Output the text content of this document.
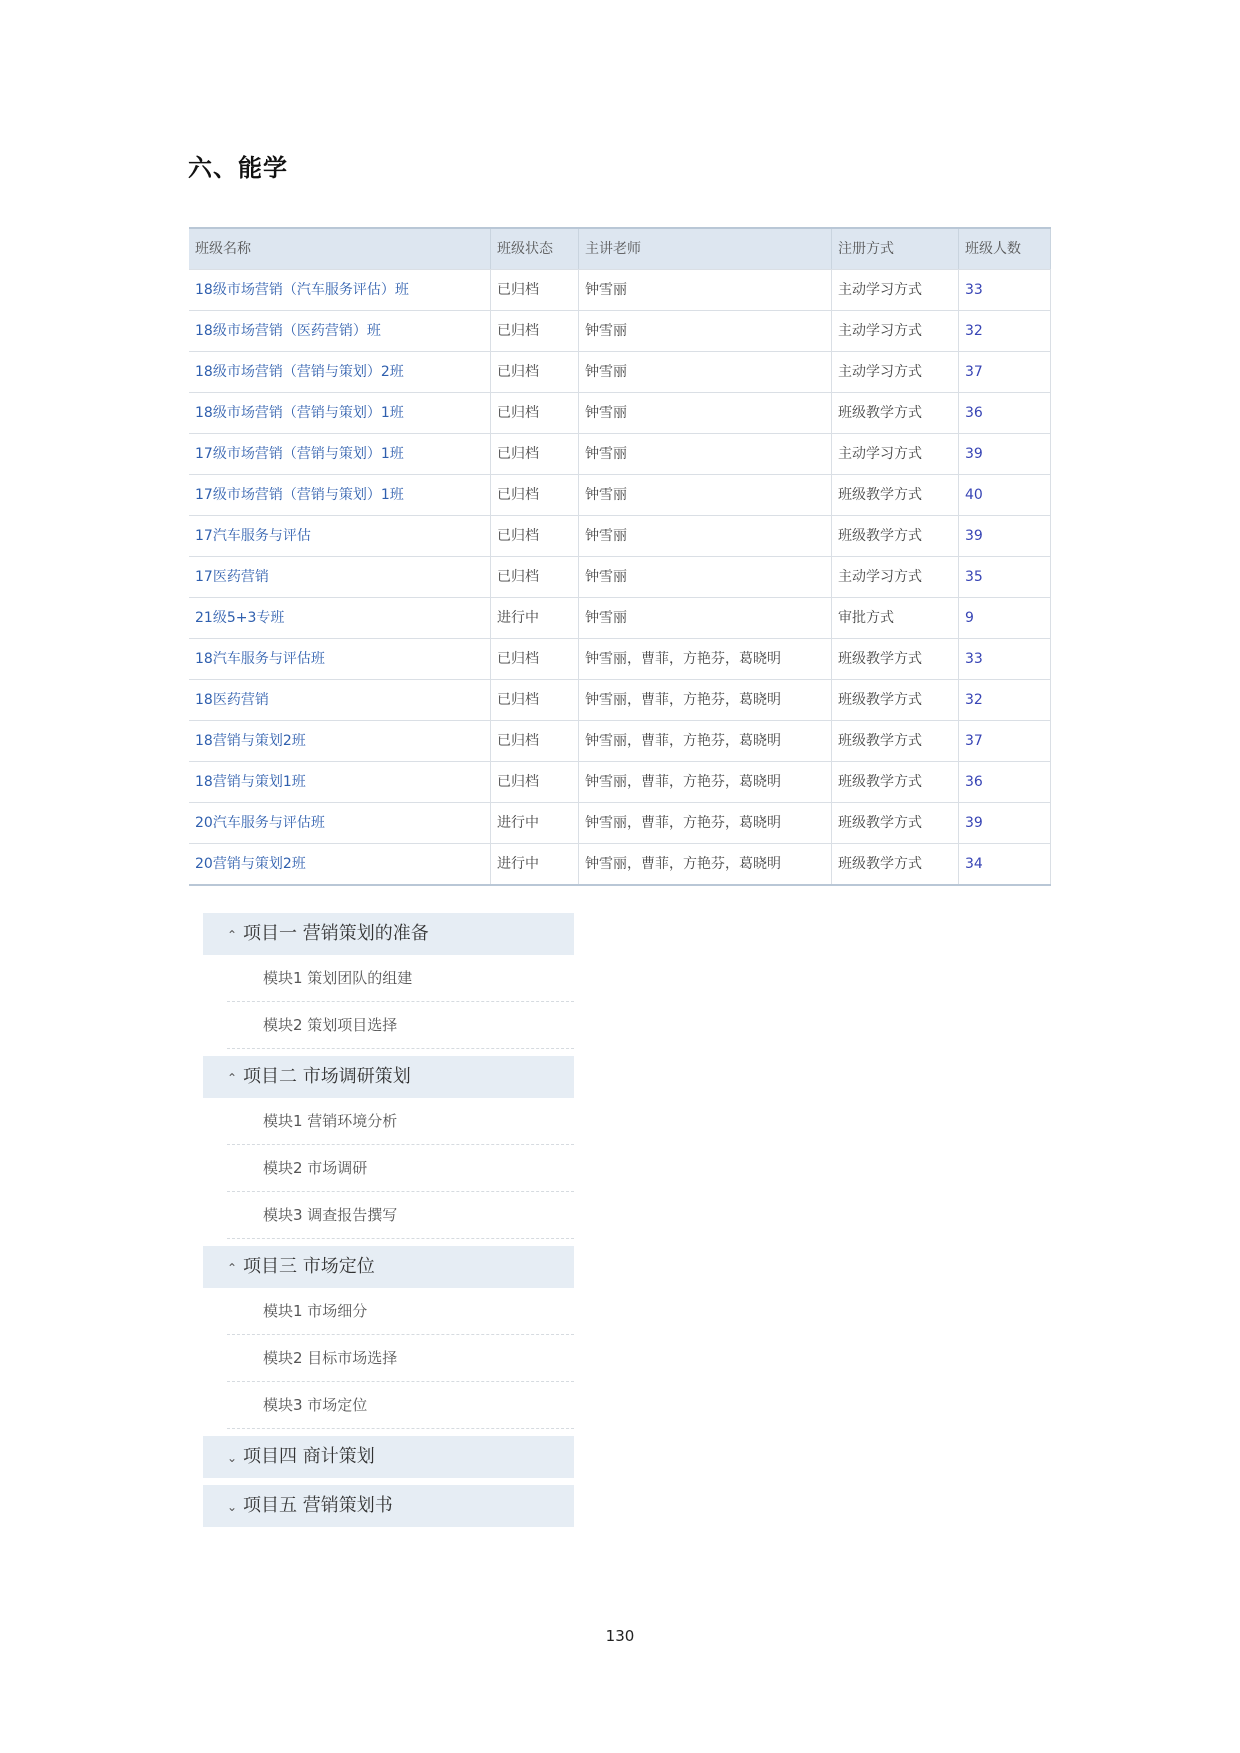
六、能学
班级名称	班级状态	主讲老师	注册方式	班级人数
18级市场营销（汽车服务评估）班	已归档	钟雪丽	主动学习方式	33
18级市场营销（医药营销）班	已归档	钟雪丽	主动学习方式	32
18级市场营销（营销与策划）2班	已归档	钟雪丽	主动学习方式	37
18级市场营销（营销与策划）1班	已归档	钟雪丽	班级教学方式	36
17级市场营销（营销与策划）1班	已归档	钟雪丽	主动学习方式	39
17级市场营销（营销与策划）1班	已归档	钟雪丽	班级教学方式	40
17汽车服务与评估	已归档	钟雪丽	班级教学方式	39
17医药营销	已归档	钟雪丽	主动学习方式	35
21级5+3专班	进行中	钟雪丽	审批方式	9
18汽车服务与评估班	已归档	钟雪丽，曹菲，方艳芬，葛晓明	班级教学方式	33
18医药营销	已归档	钟雪丽，曹菲，方艳芬，葛晓明	班级教学方式	32
18营销与策划2班	已归档	钟雪丽，曹菲，方艳芬，葛晓明	班级教学方式	37
18营销与策划1班	已归档	钟雪丽，曹菲，方艳芬，葛晓明	班级教学方式	36
20汽车服务与评估班	进行中	钟雪丽，曹菲，方艳芬，葛晓明	班级教学方式	39
20营销与策划2班	进行中	钟雪丽，曹菲，方艳芬，葛晓明	班级教学方式	34
⌃ 项目一 营销策划的准备
模块1 策划团队的组建
模块2 策划项目选择
⌃ 项目二 市场调研策划
模块1 营销环境分析
模块2 市场调研
模块3 调查报告撰写
⌃ 项目三 市场定位
模块1 市场细分
模块2 目标市场选择
模块3 市场定位
⌄ 项目四 商计策划
⌄ 项目五 营销策划书
130
